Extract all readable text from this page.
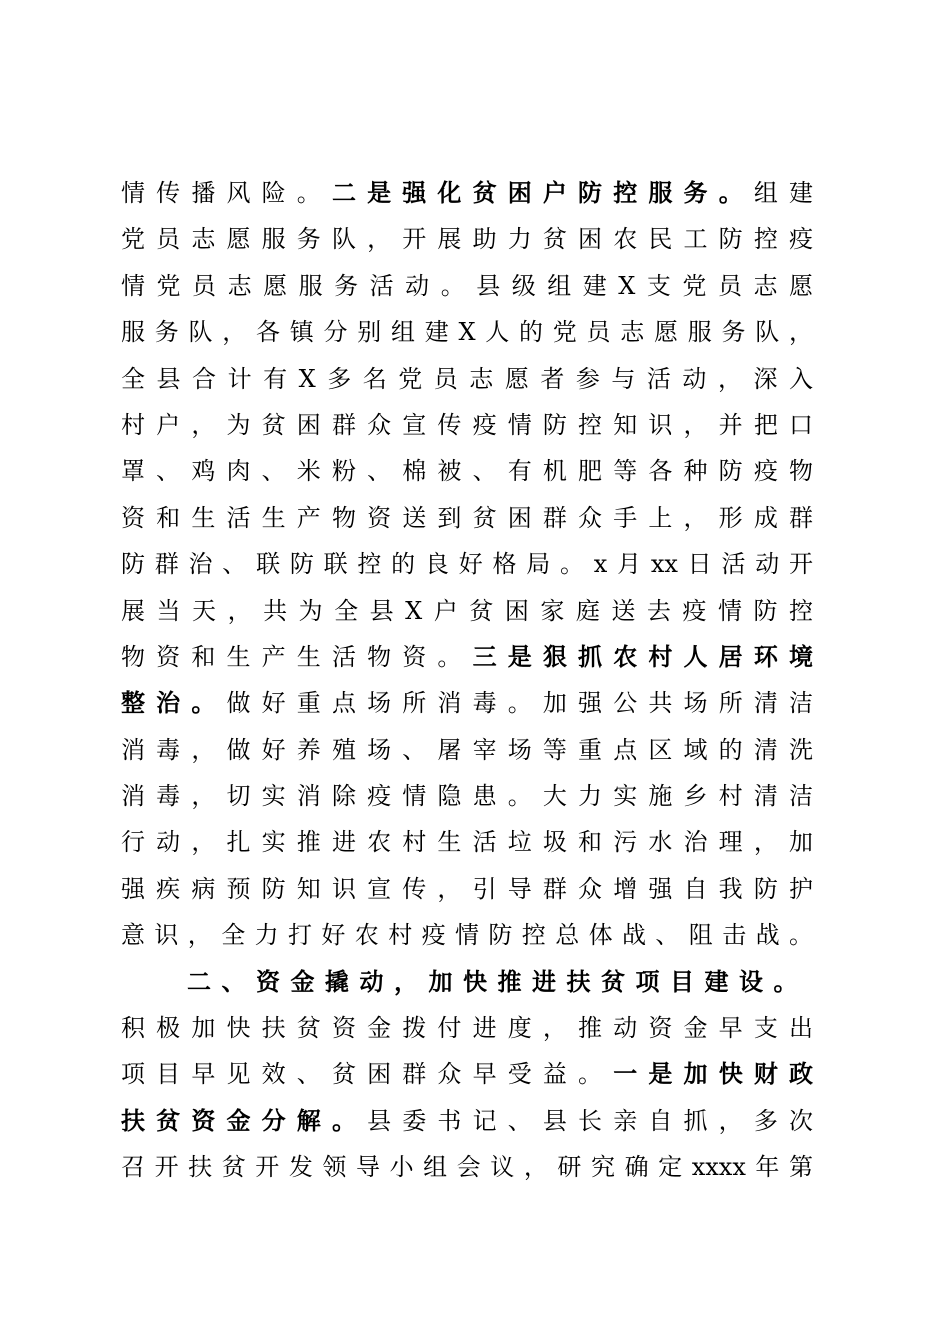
情传播风险。二是强化贫困户防控服务。组建
党员志愿服务队，开展助力贫困农民工防控疫
情党员志愿服务活动。县级组建X支党员志愿
服务队，各镇分别组建X人的党员志愿服务队，
全县合计有X多名党员志愿者参与活动，深入
村户，为贫困群众宣传疫情防控知识，并把口
罩、鸡肉、米粉、棉被、有机肥等各种防疫物
资和生活生产物资送到贫困群众手上，形成群
防群治、联防联控的良好格局。x月xx日活动开
展当天，共为全县X户贫困家庭送去疫情防控
物资和生产生活物资。三是狠抓农村人居环境
整治。做好重点场所消毒。加强公共场所清洁
消毒，做好养殖场、屠宰场等重点区域的清洗
消毒，切实消除疫情隐患。大力实施乡村清洁
行动，扎实推进农村生活垃圾和污水治理，加
强疾病预防知识宣传，引导群众增强自我防护
意识，全力打好农村疫情防控总体战、阻击战。
二、资金撬动，加快推进扶贫项目建设。
积极加快扶贫资金拨付进度，推动资金早支出
项目早见效、贫困群众早受益。一是加快财政
扶贫资金分解。县委书记、县长亲自抓，多次
召开扶贫开发领导小组会议，研究确定xxxx年第
